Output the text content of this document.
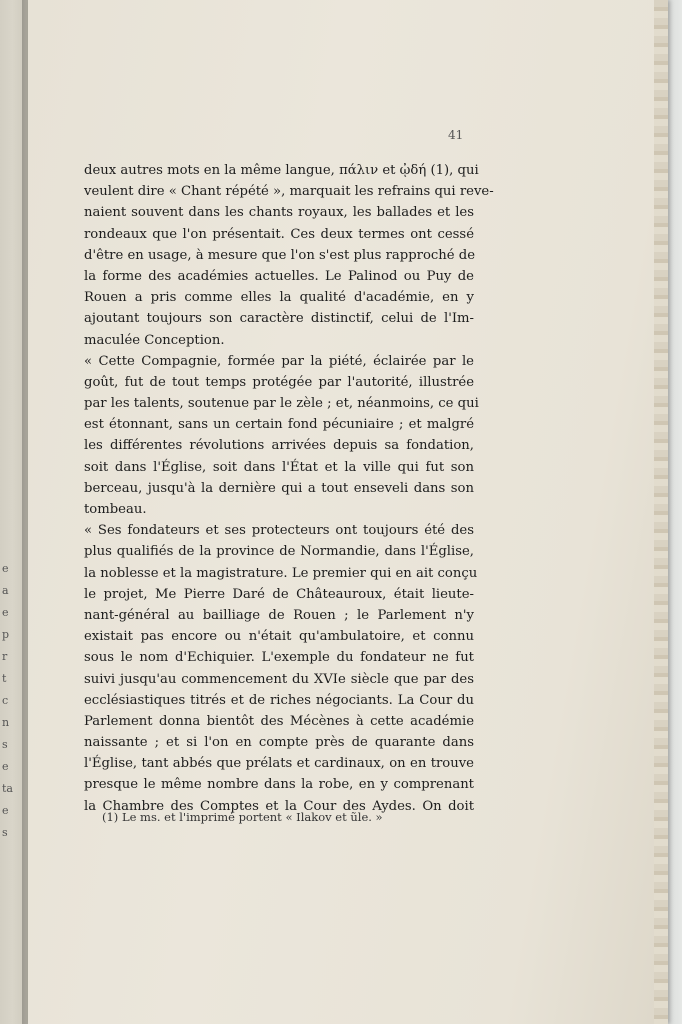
e
a
e
p
r
t
c
n
s
e
ta
e
s
41
deux autres mots en la même langue, πάλιν et ᾠδή (1), qui
veulent dire « Chant répété », marquait les refrains qui reve-
naient souvent dans les chants royaux, les ballades et les
rondeaux que l'on présentait. Ces deux termes ont cessé
d'être en usage, à mesure que l'on s'est plus rapproché de
la forme des académies actuelles. Le Palinod ou Puy de
Rouen a pris comme elles la qualité d'académie, en y
ajoutant toujours son caractère distinctif, celui de l'Im-
maculée Conception.
« Cette Compagnie, formée par la piété, éclairée par le
goût, fut de tout temps protégée par l'autorité, illustrée
par les talents, soutenue par le zèle ; et, néanmoins, ce qui
est étonnant, sans un certain fond pécuniaire ; et malgré
les différentes révolutions arrivées depuis sa fondation,
soit dans l'Église, soit dans l'État et la ville qui fut son
berceau, jusqu'à la dernière qui a tout enseveli dans son
tombeau.
« Ses fondateurs et ses protecteurs ont toujours été des
plus qualifiés de la province de Normandie, dans l'Église,
la noblesse et la magistrature. Le premier qui en ait conçu
le projet, Me Pierre Daré de Châteauroux, était lieute-
nant-général au bailliage de Rouen ; le Parlement n'y
existait pas encore ou n'était qu'ambulatoire, et connu
sous le nom d'Echiquier. L'exemple du fondateur ne fut
suivi jusqu'au commencement du XVIe siècle que par des
ecclésiastiques titrés et de riches négociants. La Cour du
Parlement donna bientôt des Mécènes à cette académie
naissante ; et si l'on en compte près de quarante dans
l'Église, tant abbés que prélats et cardinaux, on en trouve
presque le même nombre dans la robe, en y comprenant
la Chambre des Comptes et la Cour des Aydes. On doit
(1) Le ms. et l'imprimé portent « Ilakov et ũle. »
